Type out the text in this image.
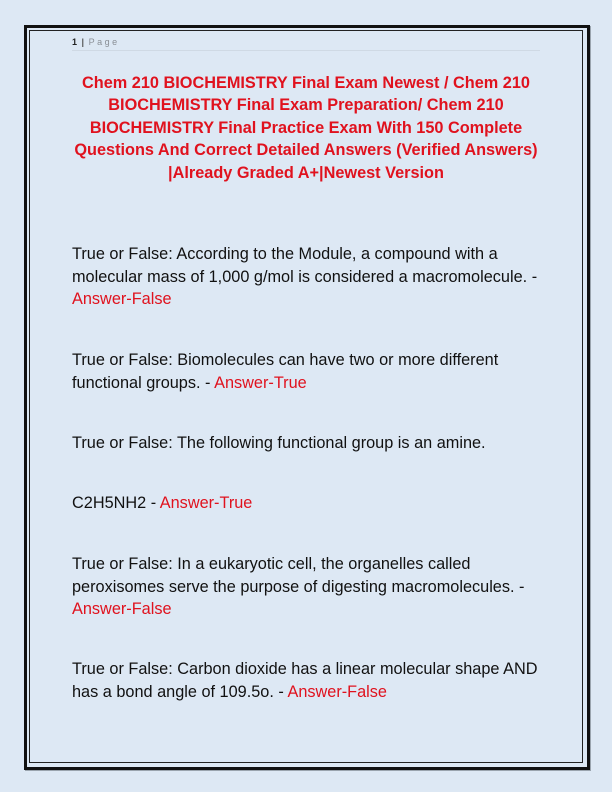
1 | Page
Chem 210 BIOCHEMISTRY Final Exam Newest / Chem 210 BIOCHEMISTRY Final Exam Preparation/ Chem 210 BIOCHEMISTRY Final Practice Exam With 150 Complete Questions And Correct Detailed Answers (Verified Answers) |Already Graded A+|Newest Version
True or False: According to the Module, a compound with a molecular mass of 1,000 g/mol is considered a macromolecule. - Answer-False
True or False: Biomolecules can have two or more different functional groups. - Answer-True
True or False: The following functional group is an amine.
C2H5NH2 - Answer-True
True or False: In a eukaryotic cell, the organelles called peroxisomes serve the purpose of digesting macromolecules. - Answer-False
True or False: Carbon dioxide has a linear molecular shape AND has a bond angle of 109.5o. - Answer-False
